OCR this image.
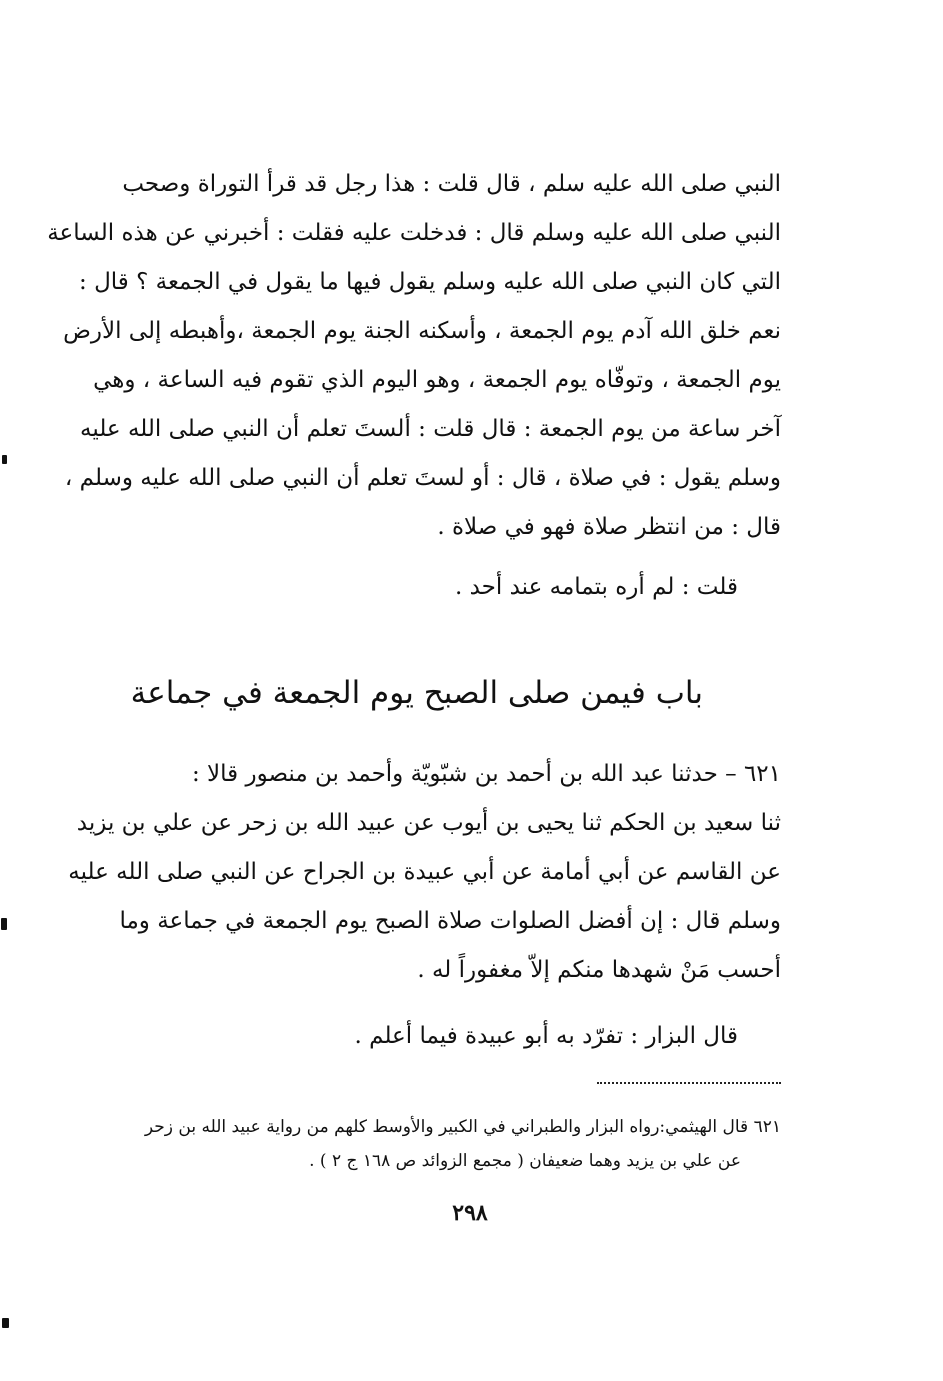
النبي صلى الله عليه سلم ، قال قلت : هذا رجل قد قرأ التوراة وصحب
النبي صلى الله عليه وسلم قال : فدخلت عليه فقلت : أخبرني عن هذه الساعة
التي كان النبي صلى الله عليه وسلم يقول فيها ما يقول في الجمعة ؟ قال :
نعم خلق الله آدم يوم الجمعة ، وأسكنه الجنة يوم الجمعة ،وأهبطه إلى الأرض
يوم الجمعة ، وتوفّاه يوم الجمعة ، وهو اليوم الذي تقوم فيه الساعة ، وهي
آخر ساعة من يوم الجمعة : قال قلت : ألستَ تعلم أن النبي صلى الله عليه
وسلم يقول : في صلاة ، قال : أو لستَ تعلم أن النبي صلى الله عليه وسلم ،
قال : من انتظر صلاة فهو في صلاة .
قلت : لم أره بتمامه عند أحد .
باب فيمن صلى الصبح يوم الجمعة في جماعة
٦٢١ – حدثنا عبد الله بن أحمد بن شبّويّة وأحمد بن منصور قالا :
ثنا سعيد بن الحكم ثنا يحيى بن أيوب عن عبيد الله بن زحر عن علي بن يزيد
عن القاسم عن أبي أمامة عن أبي عبيدة بن الجراح عن النبي صلى الله عليه
وسلم قال : إن أفضل الصلوات صلاة الصبح يوم الجمعة في جماعة وما
أحسب مَنْ شهدها منكم إلاّ مغفوراً له .
قال البزار : تفرّد به أبو عبيدة فيما أعلم .
٦٢١ قال الهيثمي:رواه البزار والطبراني في الكبير والأوسط كلهم من رواية عبيد الله بن زحر
عن علي بن يزيد وهما ضعيفان ( مجمع الزوائد ص ١٦٨ ج ٢ ) .
٢٩٨
